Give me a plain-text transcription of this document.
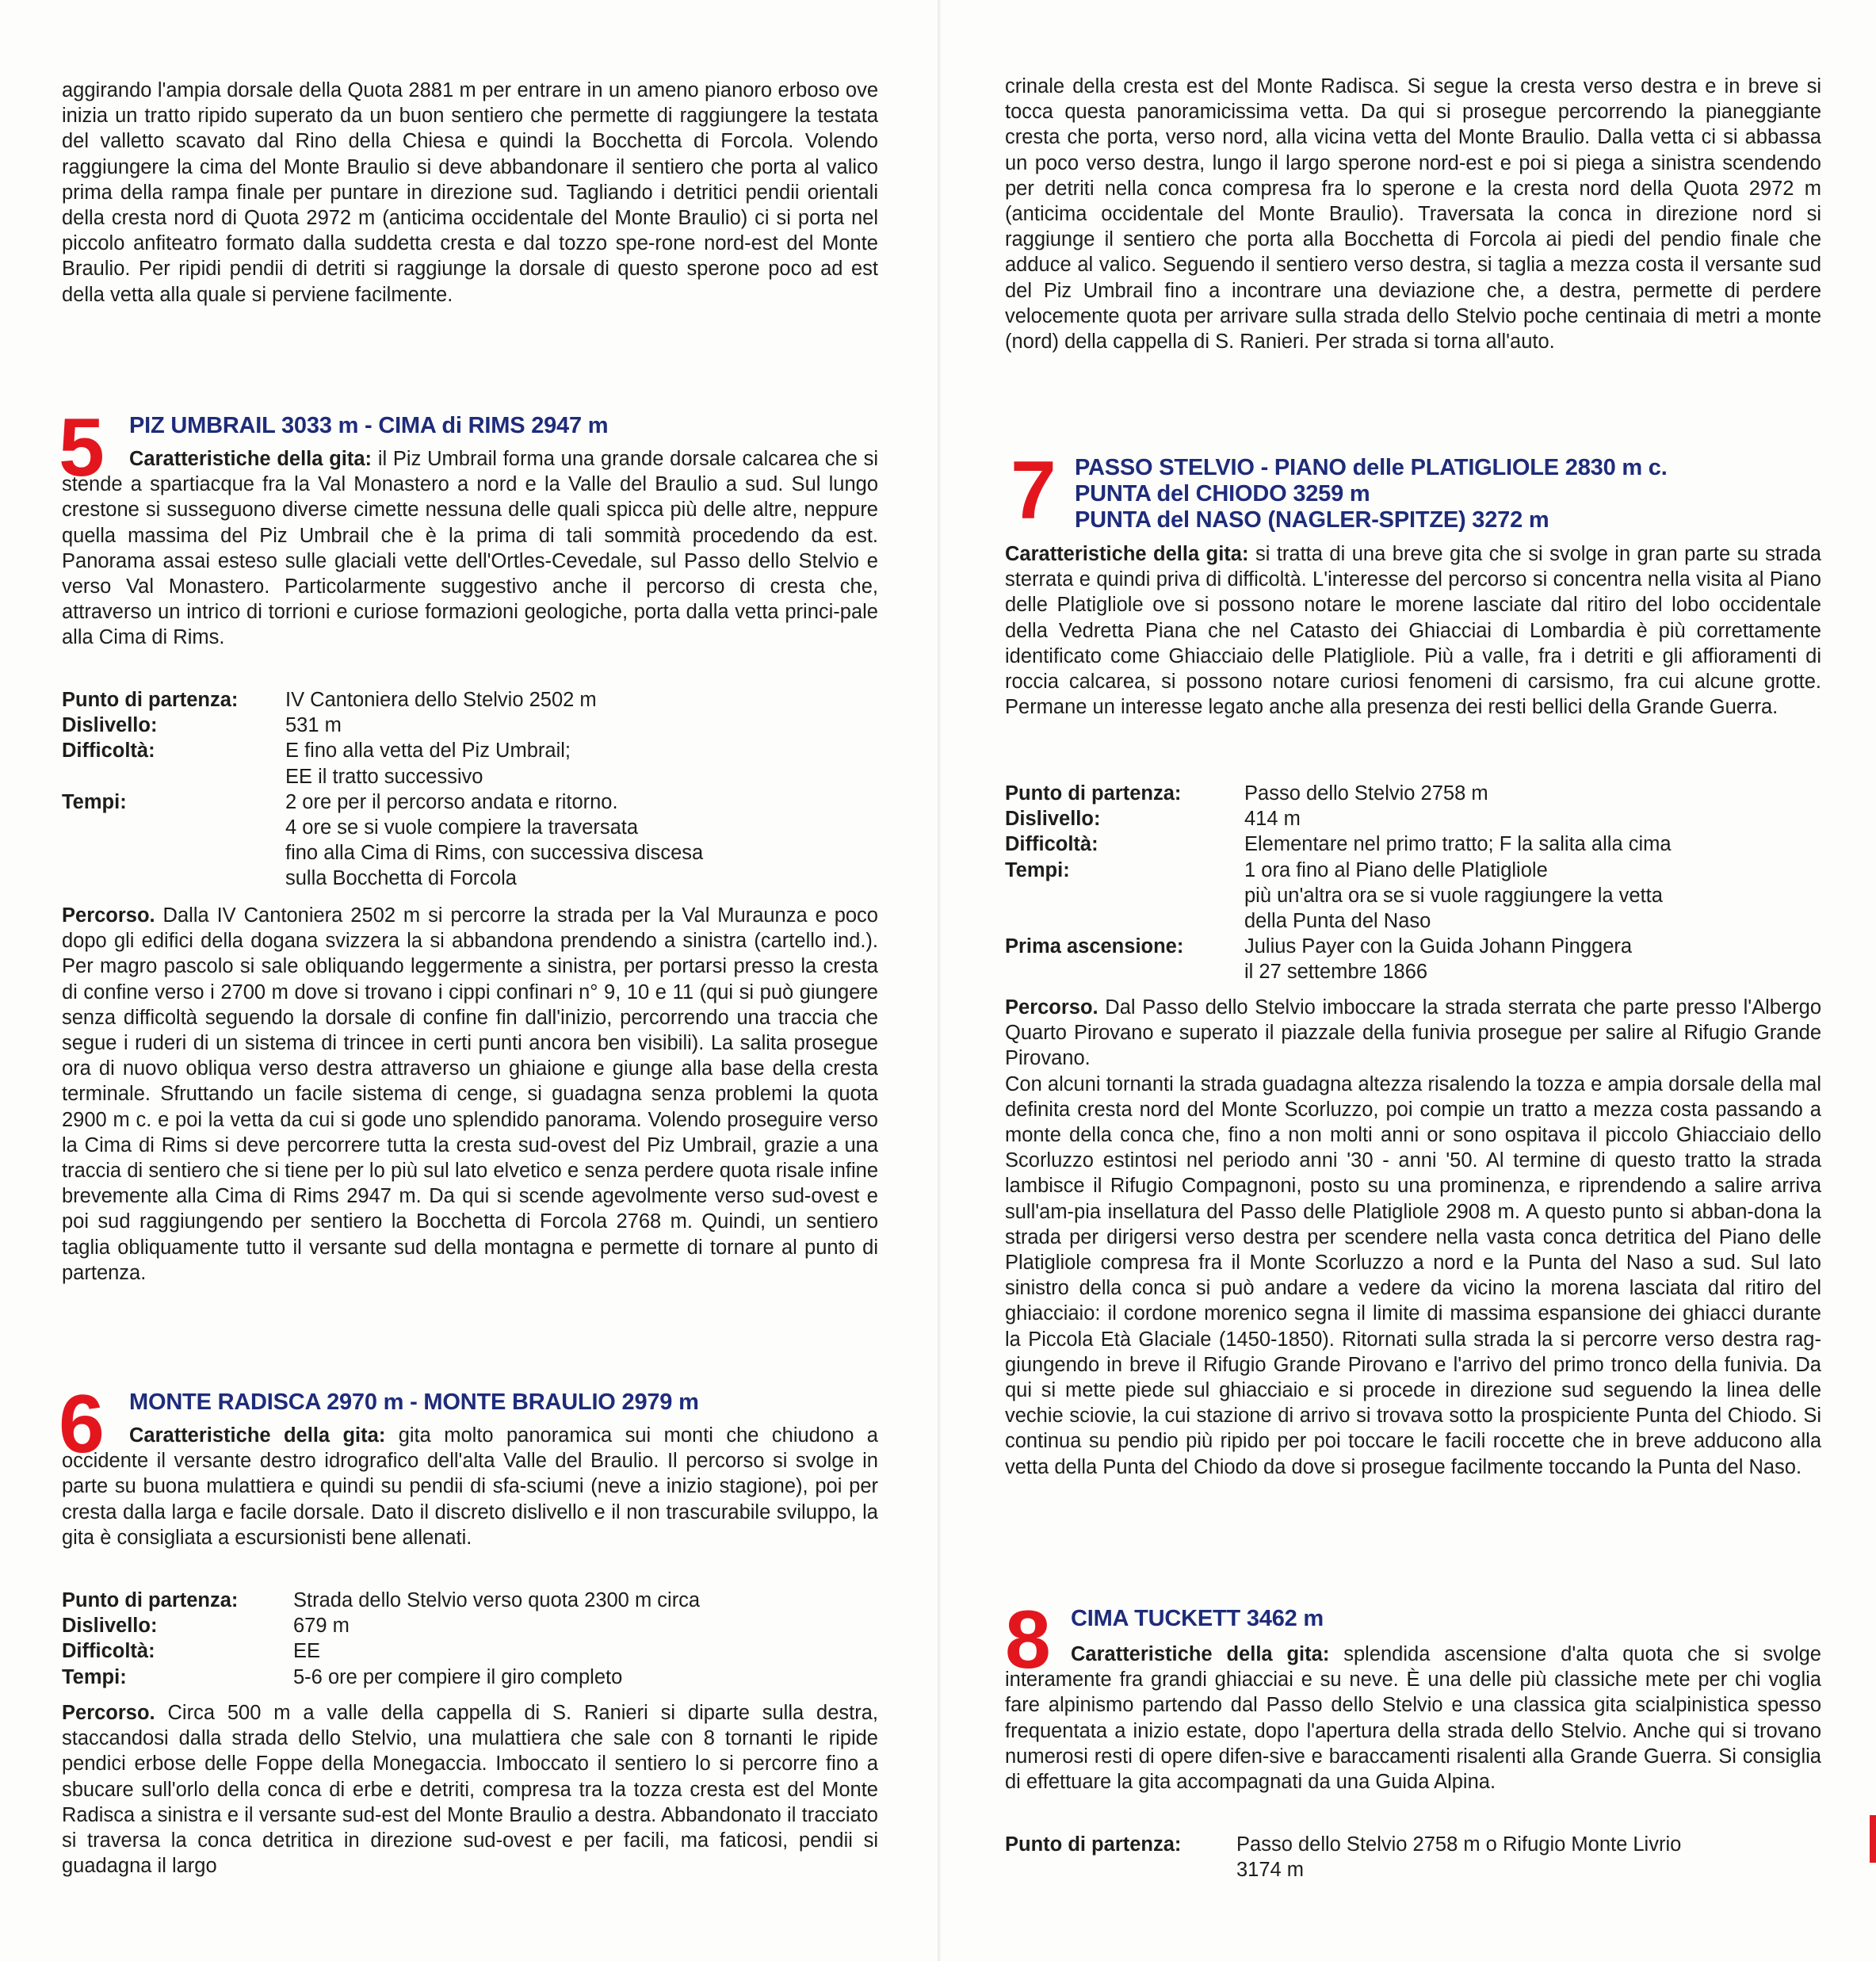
aggirando l'ampia dorsale della Quota 2881 m per entrare in un ameno pianoro erboso ove inizia un tratto ripido superato da un buon sentiero che permette di raggiungere la testata del valletto scavato dal Rino della Chiesa e quindi la Bocchetta di Forcola. Volendo raggiungere la cima del Monte Braulio si deve abbandonare il sentiero che porta al valico prima della rampa finale per puntare in direzione sud. Tagliando i detritici pendii orientali della cresta nord di Quota 2972 m (anticima occidentale del Monte Braulio) ci si porta nel piccolo anfiteatro formato dalla suddetta cresta e dal tozzo spe-rone nord-est del Monte Braulio. Per ripidi pendii di detriti si raggiunge la dorsale di questo sperone poco ad est della vetta alla quale si perviene facilmente.

5 PIZ UMBRAIL 3033 m - CIMA di RIMS 2947 m

Caratteristiche della gita: il Piz Umbrail forma una grande dorsale calcarea che si stende a spartiacque fra la Val Monastero a nord e la Valle del Braulio a sud. Sul lungo crestone si susseguono diverse cimette nessuna delle quali spicca più delle altre, neppure quella massima del Piz Umbrail che è la prima di tali sommità procedendo da est. Panorama assai esteso sulle glaciali vette dell'Ortles-Cevedale, sul Passo dello Stelvio e verso Val Monastero. Particolarmente suggestivo anche il percorso di cresta che, attraverso un intrico di torrioni e curiose formazioni geologiche, porta dalla vetta princi-pale alla Cima di Rims.

Punto di partenza:	IV Cantoniera dello Stelvio 2502 m
Dislivello:	531 m
Difficoltà:	E fino alla vetta del Piz Umbrail;
EE il tratto successivo
Tempi:	2 ore per il percorso andata e ritorno.
4 ore se si vuole compiere la traversata
fino alla Cima di Rims, con successiva discesa
sulla Bocchetta di Forcola

Percorso. Dalla IV Cantoniera 2502 m si percorre la strada per la Val Muraunza e poco dopo gli edifici della dogana svizzera la si abbandona prendendo a sinistra (cartello ind.). Per magro pascolo si sale obliquando leggermente a sinistra, per portarsi presso la cresta di confine verso i 2700 m dove si trovano i cippi confinari n° 9, 10 e 11 (qui si può giungere senza difficoltà seguendo la dorsale di confine fin dall'inizio, percorrendo una traccia che segue i ruderi di un sistema di trincee in certi punti ancora ben visibili). La salita prosegue ora di nuovo obliqua verso destra attraverso un ghiaione e giunge alla base della cresta terminale. Sfruttando un facile sistema di cenge, si guadagna senza problemi la quota 2900 m c. e poi la vetta da cui si gode uno splendido panorama. Volendo proseguire verso la Cima di Rims si deve percorrere tutta la cresta sud-ovest del Piz Umbrail, grazie a una traccia di sentiero che si tiene per lo più sul lato elvetico e senza perdere quota risale infine brevemente alla Cima di Rims 2947 m. Da qui si scende agevolmente verso sud-ovest e poi sud raggiungendo per sentiero la Bocchetta di Forcola 2768 m. Quindi, un sentiero taglia obliquamente tutto il versante sud della montagna e permette di tornare al punto di partenza.

6 MONTE RADISCA 2970 m - MONTE BRAULIO 2979 m

Caratteristiche della gita: gita molto panoramica sui monti che chiudono a occidente il versante destro idrografico dell'alta Valle del Braulio. Il percorso si svolge in parte su buona mulattiera e quindi su pendii di sfa-sciumi (neve a inizio stagione), poi per cresta dalla larga e facile dorsale. Dato il discreto dislivello e il non trascurabile sviluppo, la gita è consigliata a escursionisti bene allenati.

Punto di partenza:	Strada dello Stelvio verso quota 2300 m circa
Dislivello:	679 m
Difficoltà:	EE
Tempi:	5-6 ore per compiere il giro completo

Percorso. Circa 500 m a valle della cappella di S. Ranieri si diparte sulla destra, staccandosi dalla strada dello Stelvio, una mulattiera che sale con 8 tornanti le ripide pendici erbose delle Foppe della Monegaccia. Imboccato il sentiero lo si percorre fino a sbucare sull'orlo della conca di erbe e detriti, compresa tra la tozza cresta est del Monte Radisca a sinistra e il versante sud-est del Monte Braulio a destra. Abbandonato il tracciato si traversa la conca detritica in direzione sud-ovest e per facili, ma faticosi, pendii si guadagna il largo

crinale della cresta est del Monte Radisca. Si segue la cresta verso destra e in breve si tocca questa panoramicissima vetta. Da qui si prosegue percorrendo la pianeggiante cresta che porta, verso nord, alla vicina vetta del Monte Braulio. Dalla vetta ci si abbassa un poco verso destra, lungo il largo sperone nord-est e poi si piega a sinistra scendendo per detriti nella conca compresa fra lo sperone e la cresta nord della Quota 2972 m (anticima occidentale del Monte Braulio). Traversata la conca in direzione nord si raggiunge il sentiero che porta alla Bocchetta di Forcola ai piedi del pendio finale che adduce al valico. Seguendo il sentiero verso destra, si taglia a mezza costa il versante sud del Piz Umbrail fino a incontrare una deviazione che, a destra, permette di perdere velocemente quota per arrivare sulla strada dello Stelvio poche centinaia di metri a monte (nord) della cappella di S. Ranieri. Per strada si torna all'auto.

7 PASSO STELVIO - PIANO delle PLATIGLIOLE 2830 m c.
PUNTA del CHIODO 3259 m
PUNTA del NASO (NAGLER-SPITZE) 3272 m

Caratteristiche della gita: si tratta di una breve gita che si svolge in gran parte su strada sterrata e quindi priva di difficoltà. L'interesse del percorso si concentra nella visita al Piano delle Platigliole ove si possono notare le morene lasciate dal ritiro del lobo occidentale della Vedretta Piana che nel Catasto dei Ghiacciai di Lombardia è più correttamente identificato come Ghiacciaio delle Platigliole. Più a valle, fra i detriti e gli affioramenti di roccia calcarea, si possono notare curiosi fenomeni di carsismo, fra cui alcune grotte. Permane un interesse legato anche alla presenza dei resti bellici della Grande Guerra.

Punto di partenza:	Passo dello Stelvio 2758 m
Dislivello:	414 m
Difficoltà:	Elementare nel primo tratto; F la salita alla cima
Tempi:	1 ora fino al Piano delle Platigliole
più un'altra ora se si vuole raggiungere la vetta
della Punta del Naso
Prima ascensione:	Julius Payer con la Guida Johann Pinggera
il 27 settembre 1866

Percorso. Dal Passo dello Stelvio imboccare la strada sterrata che parte presso l'Albergo Quarto Pirovano e superato il piazzale della funivia prosegue per salire al Rifugio Grande Pirovano.

Con alcuni tornanti la strada guadagna altezza risalendo la tozza e ampia dorsale della mal definita cresta nord del Monte Scorluzzo, poi compie un tratto a mezza costa passando a monte della conca che, fino a non molti anni or sono ospitava il piccolo Ghiacciaio dello Scorluzzo estintosi nel periodo anni '30 - anni '50. Al termine di questo tratto la strada lambisce il Rifugio Compagnoni, posto su una prominenza, e riprendendo a salire arriva sull'am-pia insellatura del Passo delle Platigliole 2908 m. A questo punto si abban-dona la strada per dirigersi verso destra per scendere nella vasta conca detritica del Piano delle Platigliole compresa fra il Monte Scorluzzo a nord e la Punta del Naso a sud. Sul lato sinistro della conca si può andare a vedere da vicino la morena lasciata dal ritiro del ghiacciaio: il cordone morenico segna il limite di massima espansione dei ghiacci durante la Piccola Età Glaciale (1450-1850). Ritornati sulla strada la si percorre verso destra rag-giungendo in breve il Rifugio Grande Pirovano e l'arrivo del primo tronco della funivia. Da qui si mette piede sul ghiacciaio e si procede in direzione sud seguendo la linea delle vechie sciovie, la cui stazione di arrivo si trovava sotto la prospiciente Punta del Chiodo. Si continua su pendio più ripido per poi toccare le facili roccette che in breve adducono alla vetta della Punta del Chiodo da dove si prosegue facilmente toccando la Punta del Naso.

8 CIMA TUCKETT 3462 m

Caratteristiche della gita: splendida ascensione d'alta quota che si svolge interamente fra grandi ghiacciai e su neve. È una delle più classiche mete per chi voglia fare alpinismo partendo dal Passo dello Stelvio e una classica gita scialpinistica spesso frequentata a inizio estate, dopo l'apertura della strada dello Stelvio. Anche qui si trovano numerosi resti di opere difen-sive e baraccamenti risalenti alla Grande Guerra. Si consiglia di effettuare la gita accompagnati da una Guida Alpina.

Punto di partenza:	Passo dello Stelvio 2758 m o Rifugio Monte Livrio
3174 m
